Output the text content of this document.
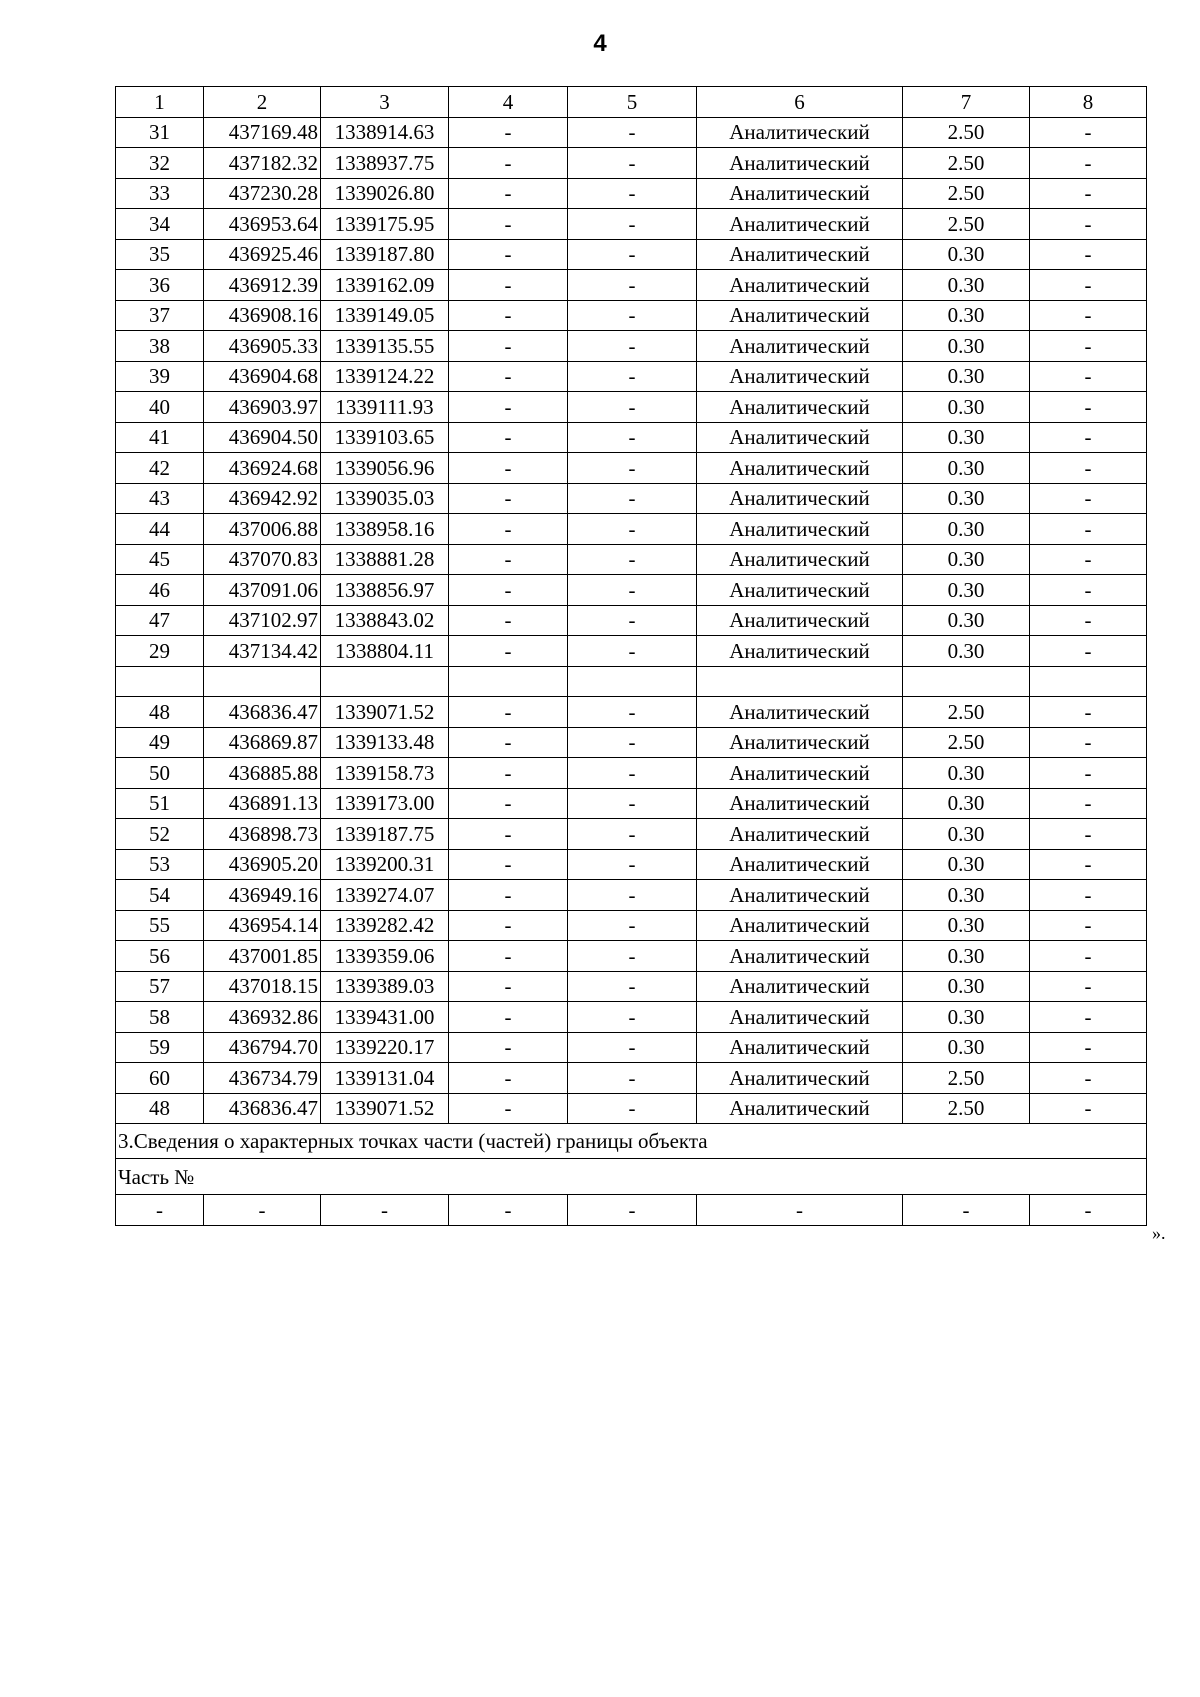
4
1	2	3	4	5	6	7	8
31	437169.48	1338914.63	-	-	Аналитический	2.50	-
32	437182.32	1338937.75	-	-	Аналитический	2.50	-
33	437230.28	1339026.80	-	-	Аналитический	2.50	-
34	436953.64	1339175.95	-	-	Аналитический	2.50	-
35	436925.46	1339187.80	-	-	Аналитический	0.30	-
36	436912.39	1339162.09	-	-	Аналитический	0.30	-
37	436908.16	1339149.05	-	-	Аналитический	0.30	-
38	436905.33	1339135.55	-	-	Аналитический	0.30	-
39	436904.68	1339124.22	-	-	Аналитический	0.30	-
40	436903.97	1339111.93	-	-	Аналитический	0.30	-
41	436904.50	1339103.65	-	-	Аналитический	0.30	-
42	436924.68	1339056.96	-	-	Аналитический	0.30	-
43	436942.92	1339035.03	-	-	Аналитический	0.30	-
44	437006.88	1338958.16	-	-	Аналитический	0.30	-
45	437070.83	1338881.28	-	-	Аналитический	0.30	-
46	437091.06	1338856.97	-	-	Аналитический	0.30	-
47	437102.97	1338843.02	-	-	Аналитический	0.30	-
29	437134.42	1338804.11	-	-	Аналитический	0.30	-

48	436836.47	1339071.52	-	-	Аналитический	2.50	-
49	436869.87	1339133.48	-	-	Аналитический	2.50	-
50	436885.88	1339158.73	-	-	Аналитический	0.30	-
51	436891.13	1339173.00	-	-	Аналитический	0.30	-
52	436898.73	1339187.75	-	-	Аналитический	0.30	-
53	436905.20	1339200.31	-	-	Аналитический	0.30	-
54	436949.16	1339274.07	-	-	Аналитический	0.30	-
55	436954.14	1339282.42	-	-	Аналитический	0.30	-
56	437001.85	1339359.06	-	-	Аналитический	0.30	-
57	437018.15	1339389.03	-	-	Аналитический	0.30	-
58	436932.86	1339431.00	-	-	Аналитический	0.30	-
59	436794.70	1339220.17	-	-	Аналитический	0.30	-
60	436734.79	1339131.04	-	-	Аналитический	2.50	-
48	436836.47	1339071.52	-	-	Аналитический	2.50	-
3.Сведения о характерных точках части (частей) границы объекта							
Часть №							
-	-	-	-	-	-	-	-
».
